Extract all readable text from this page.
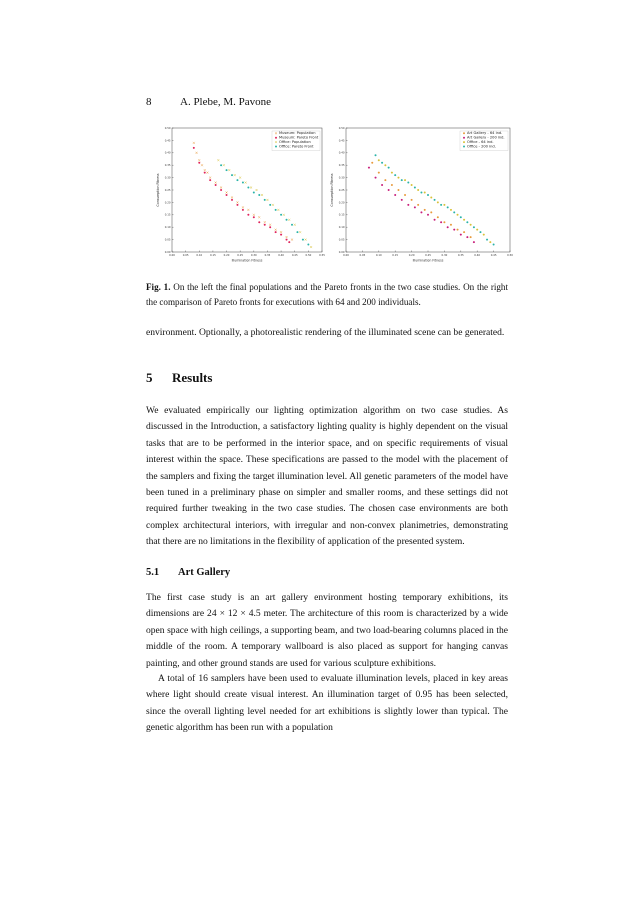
8	A. Plebe, M. Pavone
0.00	0.05	0.10	0.15	0.20	0.25	0.30	0.35	0.40	0.45	0.50	0.55
0.00
0.05
0.10
0.15
0.20
0.25
0.30
0.35
0.40
0.45
0.50
Illumination Fitness
Consumption Fitness
Museum: Population
Museum: Pareto Front
Office: Population
Office: Pareto Front
0.00	0.05	0.10	0.15	0.20	0.25	0.30	0.35	0.40	0.45	0.50
0.00
0.05
0.10
0.15
0.20
0.25
0.30
0.35
0.40
0.45
0.50
Illumination Fitness
Consumption Fitness
Art Gallery - 64 ind.
Art Gallery - 200 ind.
Office - 64 ind.
Office - 200 ind.
Fig. 1. On the left the final populations and the Pareto fronts in the two case studies. On the right the comparison of Pareto fronts for executions with 64 and 200 individuals.

environment. Optionally, a photorealistic rendering of the illuminated scene can be generated.

5 Results

We evaluated empirically our lighting optimization algorithm on two case studies. As discussed in the Introduction, a satisfactory lighting quality is highly dependent on the visual tasks that are to be performed in the interior space, and on specific requirements of visual interest within the space. These specifications are passed to the model with the placement of the samplers and fixing the target illumination level. All genetic parameters of the model have been tuned in a preliminary phase on simpler and smaller rooms, and these settings did not required further tweaking in the two case studies. The chosen case environments are both complex architectural interiors, with irregular and non-convex planimetries, demonstrating that there are no limitations in the flexibility of application of the presented system.

5.1 Art Gallery

The first case study is an art gallery environment hosting temporary exhibitions, its dimensions are 24 × 12 × 4.5 meter. The architecture of this room is characterized by a wide open space with high ceilings, a supporting beam, and two load-bearing columns placed in the middle of the room. A temporary wallboard is also placed as support for hanging canvas painting, and other ground stands are used for various sculpture exhibitions.

A total of 16 samplers have been used to evaluate illumination levels, placed in key areas where light should create visual interest. An illumination target of 0.95 has been selected, since the overall lighting level needed for art exhibitions is slightly lower than typical. The genetic algorithm has been run with a population
